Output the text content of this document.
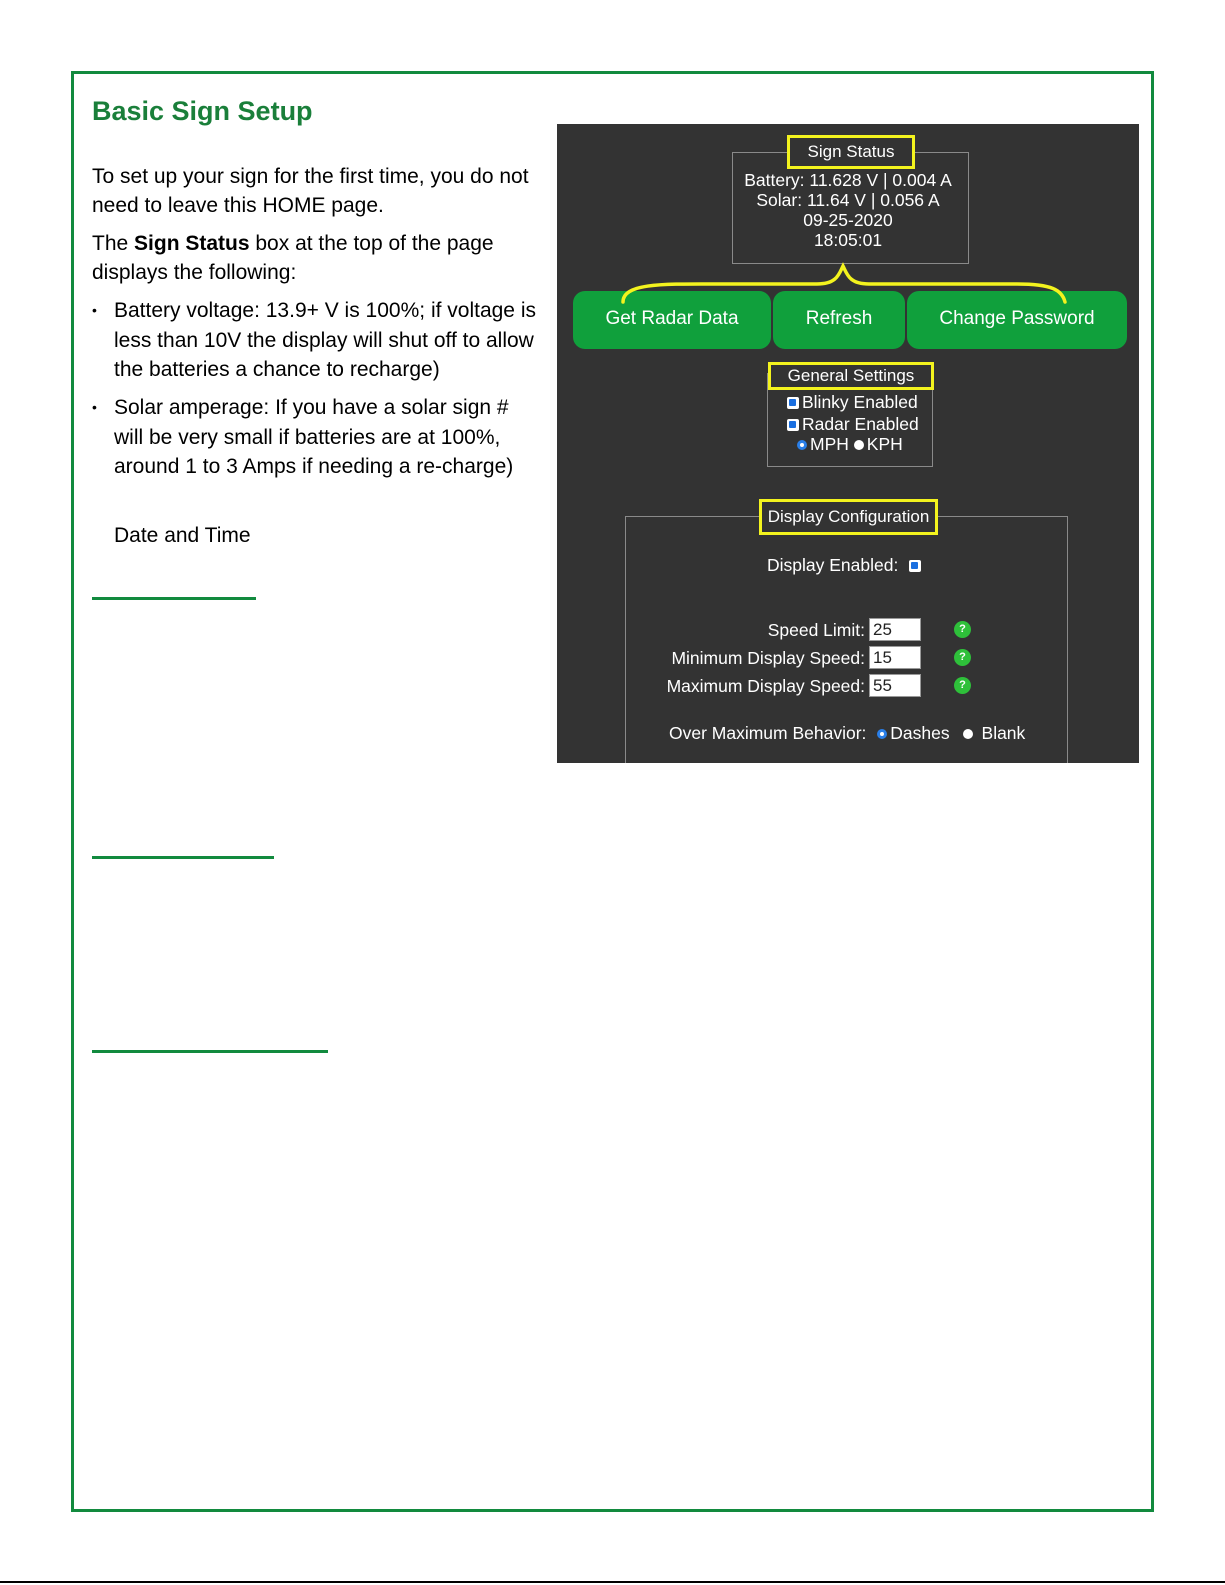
Basic Sign Setup

To set up your sign for the first time, you do not need to leave this HOME page.

The Sign Status box at the top of the page displays the following:

• Battery voltage: 13.9+ V is 100%; if voltage is less than 10V the display will shut off to allow the batteries a chance to recharge)
• Solar amperage: If you have a solar sign # will be very small if batteries are at 100%, around 1 to 3 Amps if needing a re-charge)
Date and Time
Sign Status
Battery: 11.628 V | 0.004 A
Solar: 11.64 V | 0.056 A
09-25-2020
18:05:01
Get Radar Data	Refresh	Change Password
General Settings
Blinky Enabled
Radar Enabled
MPH KPH
Display Configuration
Display Enabled:
Speed Limit: 25	?
Minimum Display Speed: 15	?
Maximum Display Speed: 55	?
Over Maximum Behavior: Dashes Blank
